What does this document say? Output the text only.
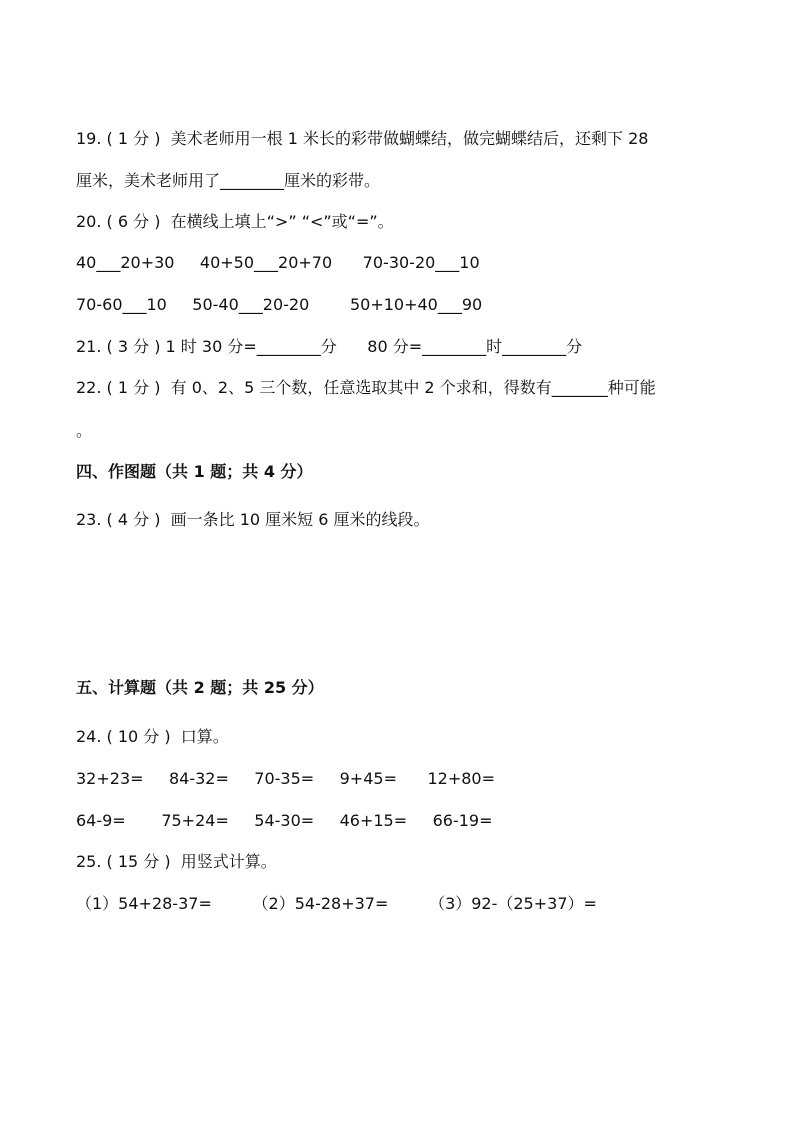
19. ( 1 分 )  美术老师用一根 1 米长的彩带做蝴蝶结，做完蝴蝶结后，还剩下 28
厘米，美术老师用了________厘米的彩带。
20. ( 6 分 )  在横线上填上“>” “<”或“=”。
40___20+30     40+50___20+70      70-30-20___10
70-60___10     50-40___20-20        50+10+40___90
21. ( 3 分 ) 1 时 30 分=________分      80 分=________时________分
22. ( 1 分 )  有 0、2、5 三个数，任意选取其中 2 个求和，得数有_______种可能
。
四、作图题（共 1 题；共 4 分）
23. ( 4 分 )  画一条比 10 厘米短 6 厘米的线段。
五、计算题（共 2 题；共 25 分）
24. ( 10 分 )  口算。
32+23=     84-32=     70-35=     9+45=      12+80=
64-9=       75+24=     54-30=     46+15=     66-19=
25. ( 15 分 )  用竖式计算。
（1）54+28-37=        （2）54-28+37=        （3）92-（25+37）=
